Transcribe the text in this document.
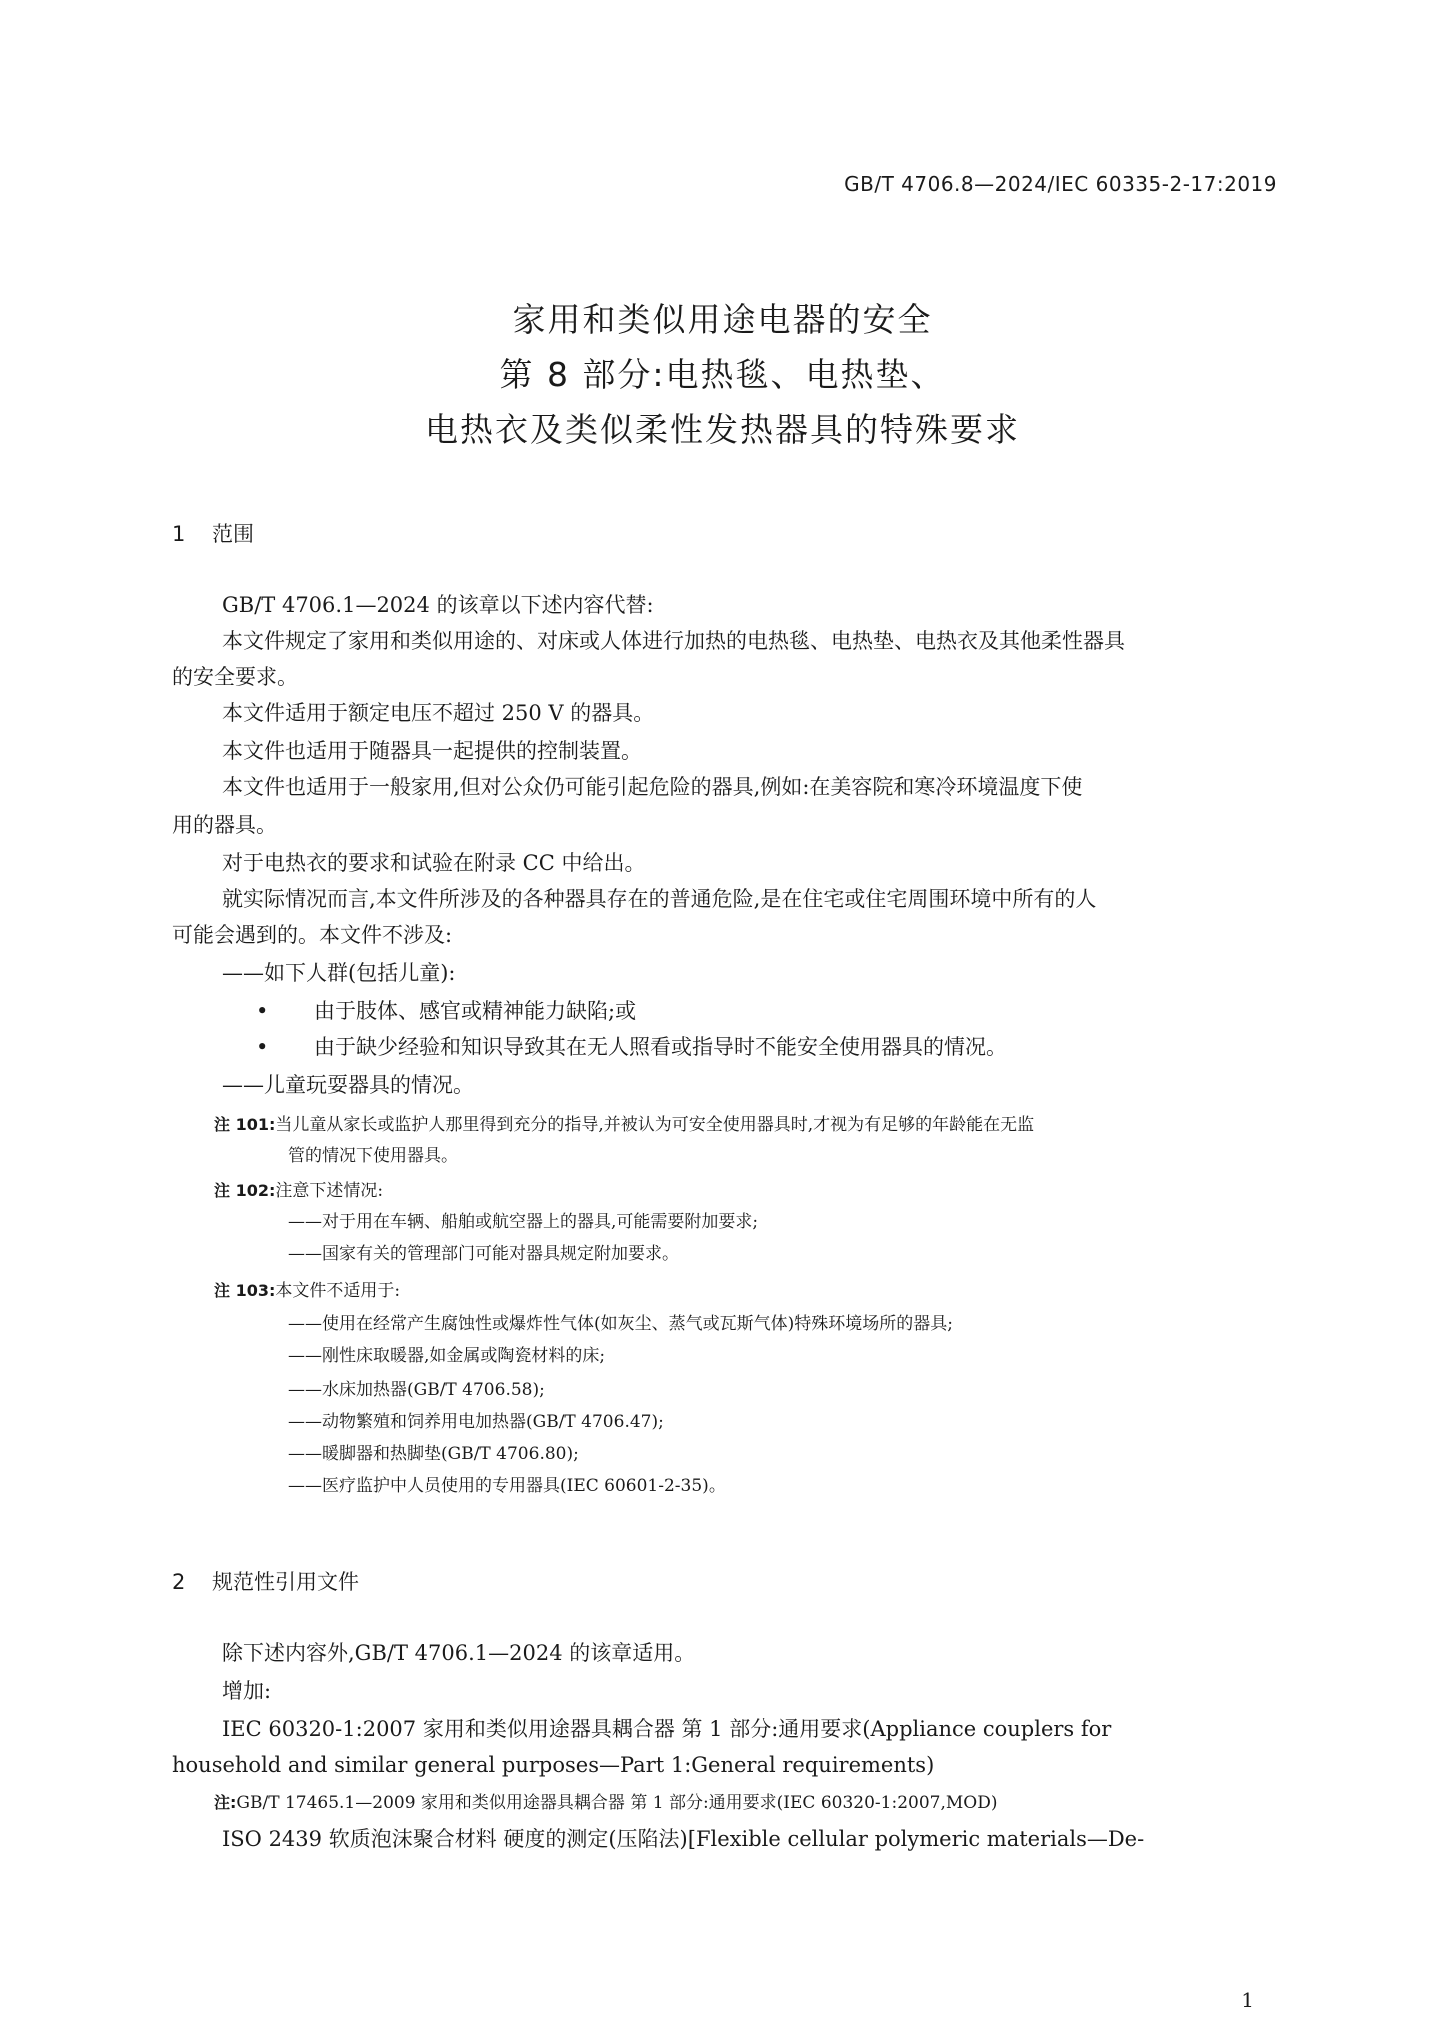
GB/T 4706.8—2024/IEC 60335-2-17:2019
家用和类似用途电器的安全
第 8 部分:电热毯、电热垫、
电热衣及类似柔性发热器具的特殊要求
1 范围
GB/T 4706.1—2024 的该章以下述内容代替:
本文件规定了家用和类似用途的、对床或人体进行加热的电热毯、电热垫、电热衣及其他柔性器具
的安全要求。
本文件适用于额定电压不超过 250 V 的器具。
本文件也适用于随器具一起提供的控制装置。
本文件也适用于一般家用,但对公众仍可能引起危险的器具,例如:在美容院和寒冷环境温度下使
用的器具。
对于电热衣的要求和试验在附录 CC 中给出。
就实际情况而言,本文件所涉及的各种器具存在的普通危险,是在住宅或住宅周围环境中所有的人
可能会遇到的。本文件不涉及:
——如下人群(包括儿童):
• 由于肢体、感官或精神能力缺陷;或
• 由于缺少经验和知识导致其在无人照看或指导时不能安全使用器具的情况。
——儿童玩耍器具的情况。
注 101:当儿童从家长或监护人那里得到充分的指导,并被认为可安全使用器具时,才视为有足够的年龄能在无监
管的情况下使用器具。
注 102:注意下述情况:
——对于用在车辆、船舶或航空器上的器具,可能需要附加要求;
——国家有关的管理部门可能对器具规定附加要求。
注 103:本文件不适用于:
——使用在经常产生腐蚀性或爆炸性气体(如灰尘、蒸气或瓦斯气体)特殊环境场所的器具;
——刚性床取暖器,如金属或陶瓷材料的床;
——水床加热器(GB/T 4706.58);
——动物繁殖和饲养用电加热器(GB/T 4706.47);
——暖脚器和热脚垫(GB/T 4706.80);
——医疗监护中人员使用的专用器具(IEC 60601-2-35)。
2 规范性引用文件
除下述内容外,GB/T 4706.1—2024 的该章适用。
增加:
IEC 60320-1:2007 家用和类似用途器具耦合器 第 1 部分:通用要求(Appliance couplers for
household and similar general purposes—Part 1:General requirements)
注:GB/T 17465.1—2009 家用和类似用途器具耦合器 第 1 部分:通用要求(IEC 60320-1:2007,MOD)
ISO 2439 软质泡沫聚合材料 硬度的测定(压陷法)[Flexible cellular polymeric materials—De-
1
